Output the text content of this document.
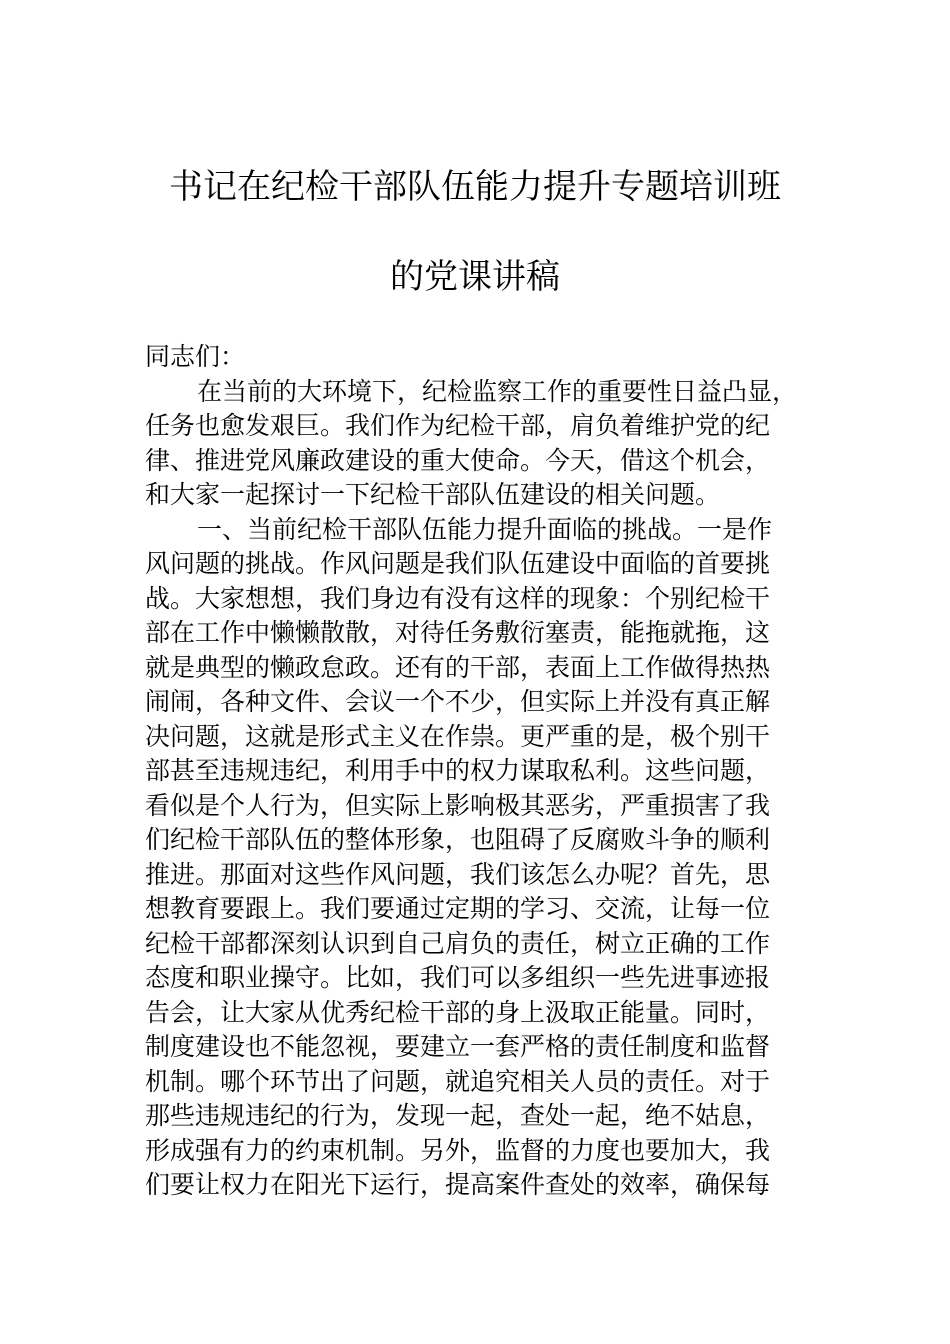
书记在纪检干部队伍能力提升专题培训班
的党课讲稿
同志们：
在当前的大环境下，纪检监察工作的重要性日益凸显，
任务也愈发艰巨。我们作为纪检干部，肩负着维护党的纪
律、推进党风廉政建设的重大使命。今天，借这个机会，
和大家一起探讨一下纪检干部队伍建设的相关问题。
一、当前纪检干部队伍能力提升面临的挑战。一是作
风问题的挑战。作风问题是我们队伍建设中面临的首要挑
战。大家想想，我们身边有没有这样的现象：个别纪检干
部在工作中懒懒散散，对待任务敷衍塞责，能拖就拖，这
就是典型的懒政怠政。还有的干部，表面上工作做得热热
闹闹，各种文件、会议一个不少，但实际上并没有真正解
决问题，这就是形式主义在作祟。更严重的是，极个别干
部甚至违规违纪，利用手中的权力谋取私利。这些问题，
看似是个人行为，但实际上影响极其恶劣，严重损害了我
们纪检干部队伍的整体形象，也阻碍了反腐败斗争的顺利
推进。那面对这些作风问题，我们该怎么办呢？首先，思
想教育要跟上。我们要通过定期的学习、交流，让每一位
纪检干部都深刻认识到自己肩负的责任，树立正确的工作
态度和职业操守。比如，我们可以多组织一些先进事迹报
告会，让大家从优秀纪检干部的身上汲取正能量。同时，
制度建设也不能忽视，要建立一套严格的责任制度和监督
机制。哪个环节出了问题，就追究相关人员的责任。对于
那些违规违纪的行为，发现一起，查处一起，绝不姑息，
形成强有力的约束机制。另外，监督的力度也要加大，我
们要让权力在阳光下运行，提高案件查处的效率，确保每
